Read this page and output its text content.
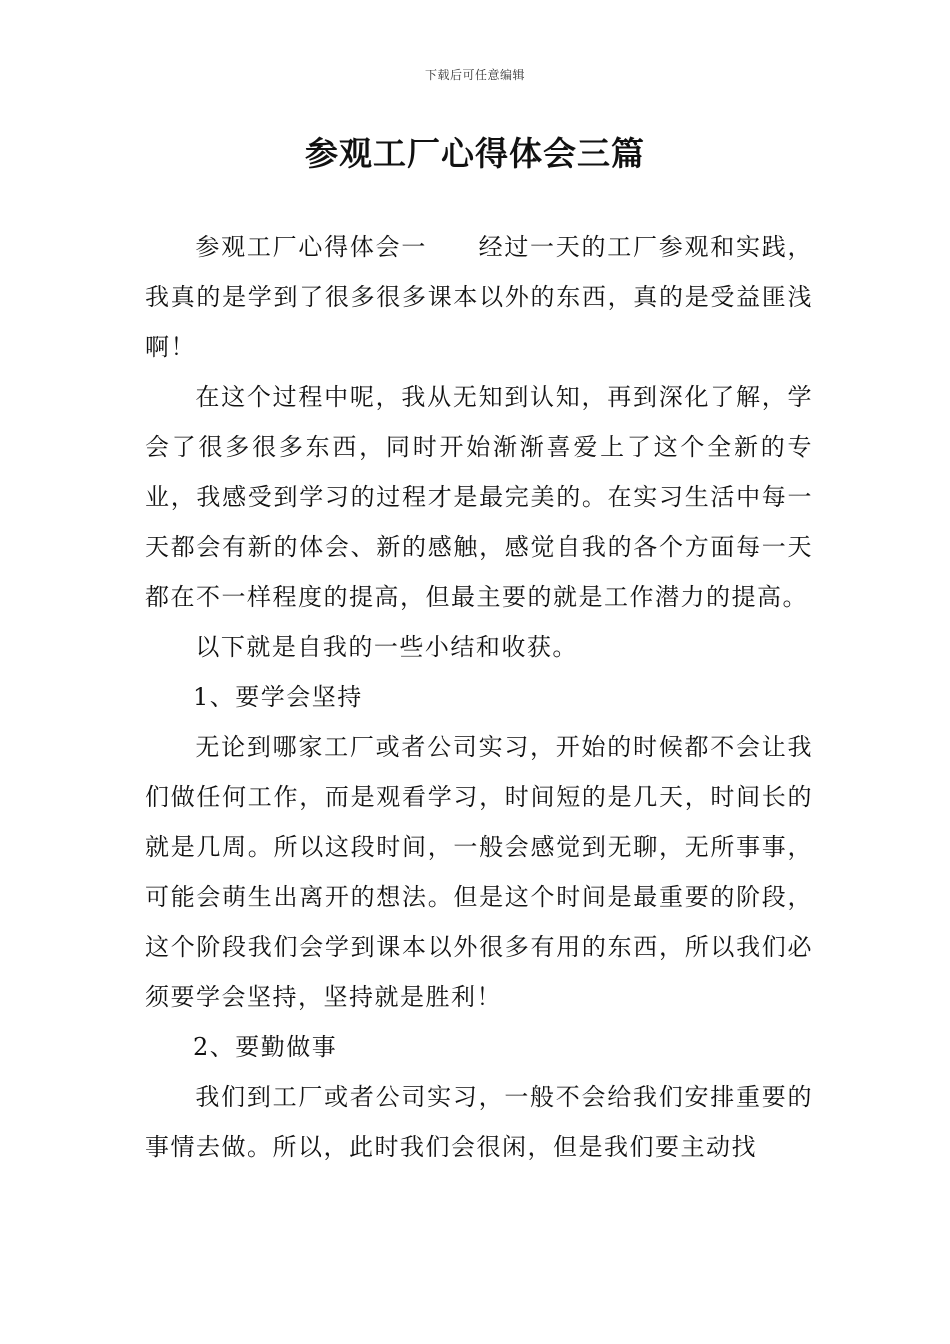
下载后可任意编辑
参观工厂心得体会三篇

参观工厂心得体会一　　经过一天的工厂参观和实践，我真的是学到了很多很多课本以外的东西，真的是受益匪浅啊！

在这个过程中呢，我从无知到认知，再到深化了解，学会了很多很多东西，同时开始渐渐喜爱上了这个全新的专业，我感受到学习的过程才是最完美的。在实习生活中每一天都会有新的体会、新的感触，感觉自我的各个方面每一天都在不一样程度的提高，但最主要的就是工作潜力的提高。

以下就是自我的一些小结和收获。

1、要学会坚持

无论到哪家工厂或者公司实习，开始的时候都不会让我们做任何工作，而是观看学习，时间短的是几天，时间长的就是几周。所以这段时间，一般会感觉到无聊，无所事事，可能会萌生出离开的想法。但是这个时间是最重要的阶段，这个阶段我们会学到课本以外很多有用的东西，所以我们必须要学会坚持，坚持就是胜利！

2、要勤做事

我们到工厂或者公司实习，一般不会给我们安排重要的事情去做。所以，此时我们会很闲，但是我们要主动找
